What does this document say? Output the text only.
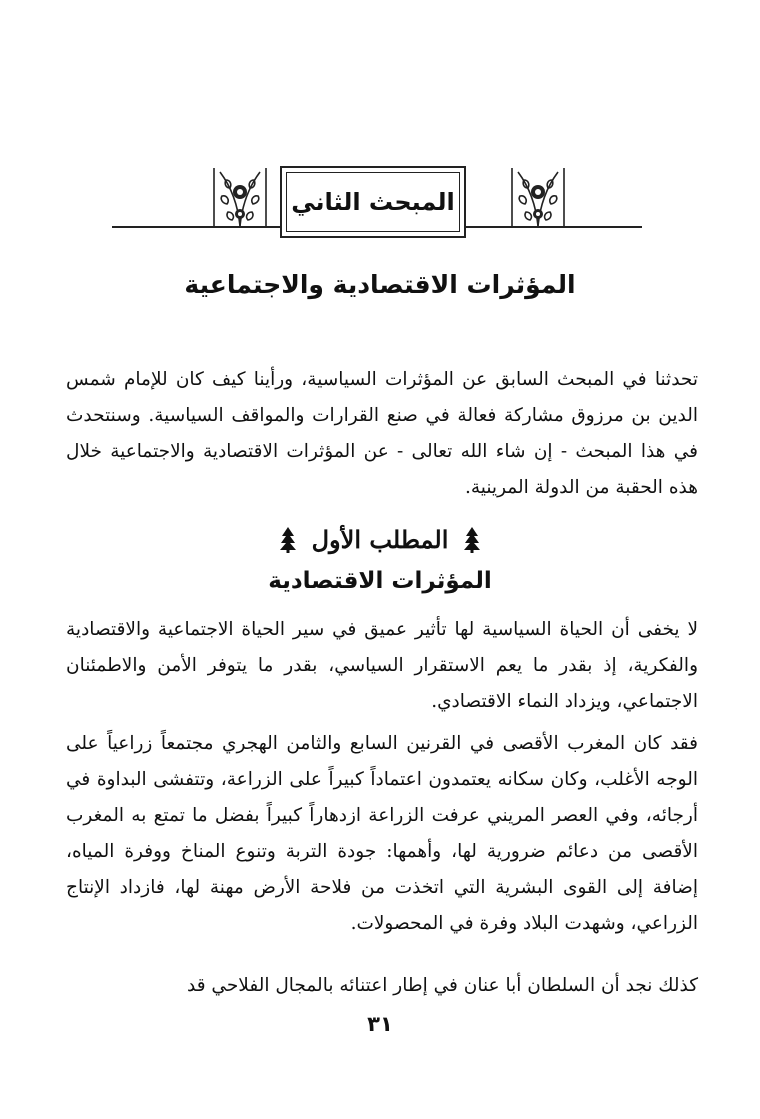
المبحث الثاني
المؤثرات الاقتصادية والاجتماعية

تحدثنا في المبحث السابق عن المؤثرات السياسية، ورأينا كيف كان للإمام شمس الدين بن مرزوق مشاركة فعالة في صنع القرارات والمواقف السياسية. وسنتحدث في هذا المبحث - إن شاء الله تعالى - عن المؤثرات الاقتصادية والاجتماعية خلال هذه الحقبة من الدولة المرينية.

المطلب الأول
المؤثرات الاقتصادية

لا يخفى أن الحياة السياسية لها تأثير عميق في سير الحياة الاجتماعية والاقتصادية والفكرية، إذ بقدر ما يعم الاستقرار السياسي، بقدر ما يتوفر الأمن والاطمئنان الاجتماعي، ويزداد النماء الاقتصادي.

فقد كان المغرب الأقصى في القرنين السابع والثامن الهجري مجتمعاً زراعياً على الوجه الأغلب، وكان سكانه يعتمدون اعتماداً كبيراً على الزراعة، وتتفشى البداوة في أرجائه، وفي العصر المريني عرفت الزراعة ازدهاراً كبيراً بفضل ما تمتع به المغرب الأقصى من دعائم ضرورية لها، وأهمها: جودة التربة وتنوع المناخ ووفرة المياه، إضافة إلى القوى البشرية التي اتخذت من فلاحة الأرض مهنة لها، فازداد الإنتاج الزراعي، وشهدت البلاد وفرة في المحصولات.

كذلك نجد أن السلطان أبا عنان في إطار اعتنائه بالمجال الفلاحي قد

٣١
